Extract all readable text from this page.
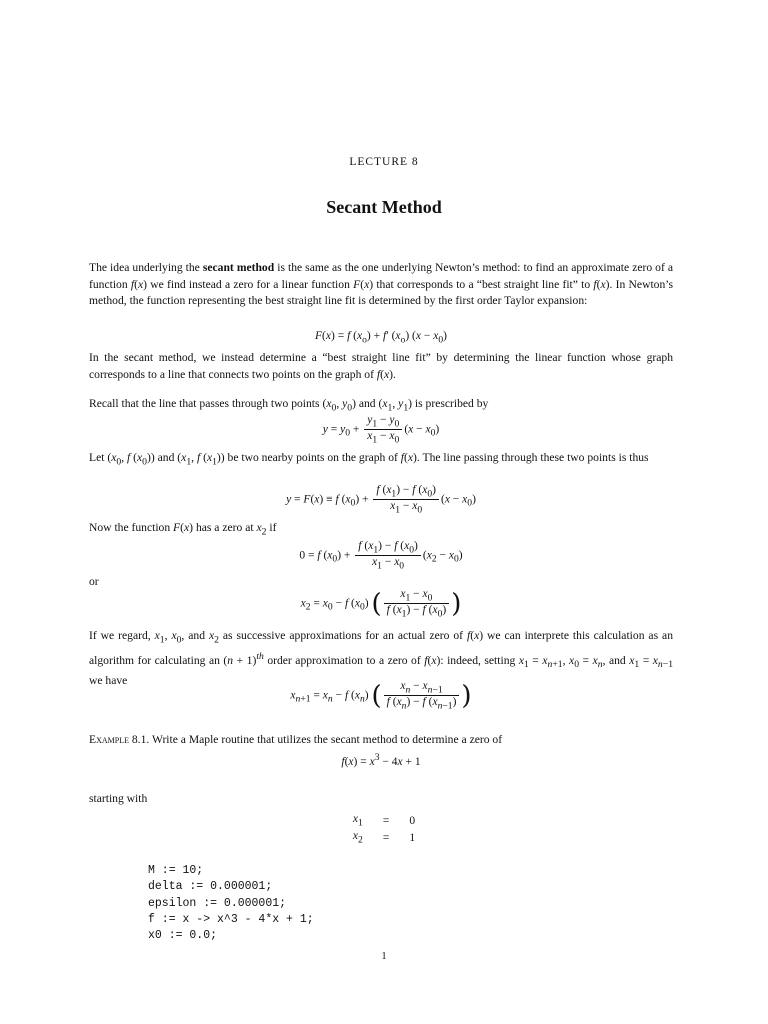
LECTURE 8
Secant Method
The idea underlying the secant method is the same as the one underlying Newton’s method: to find an approximate zero of a function f(x) we find instead a zero for a linear function F(x) that corresponds to a “best straight line fit” to f(x). In Newton’s method, the function representing the best straight line fit is determined by the first order Taylor expansion:
F(x) = f $(x_o) + f'$ $(x_o) (x - x_0)$
In the secant method, we instead determine a “best straight line fit” by determining the linear function whose graph corresponds to a line that connects two points on the graph of f(x).
Recall that the line that passes through two points ($x_0$, $y_0$) and ($x_1$, $y_1$) is prescribed by
$y = y_0 + \frac{y_1 - y_0}{x_1 - x_0} (x - x_0)$
Let ($x_0$, f $(x_0)$) and ($x_1$, f $(x_1)$) be two nearby points on the graph of f(x). The line passing through these two points is thus
y = F(x) ≡ f $(x_0) + \frac{f (x_1) - f (x_0)}{x_1 - x_0} (x - x_0)$
Now the function F(x) has a zero at $x_2$ if
0 = f $(x_0) + \frac{f (x_1) - f (x_0)}{x_1 - x_0} (x_2 - x_0)$
or
$x_2 = x_0 - f$ $(x_0)$ ( $\frac{x_1 - x_0}{f (x_1) - f (x_0)}$ )
If we regard, $x_1$, $x_0$, and $x_2$ as successive approximations for an actual zero of f(x) we can interprete this calculation as an algorithm for calculating an $(n + 1)^{th}$ order approximation to a zero of f(x): indeed, setting $x_1 = x_{n+1}$, $x_0 = x_n$, and $x_1 = x_{n-1}$ we have
$x_{n+1} = x_n - f$ $(x_n)$ ( $\frac{x_n - x_{n-1}}{f (x_n) - f (x_{n-1})}$ )
Example 8.1. Write a Maple routine that utilizes the secant method to determine a zero of
$f(x) = x^3 - 4x + 1$
starting with
$x_1$	=	0
$x_2$	=	1
M := 10;
delta := 0.000001;
epsilon := 0.000001;
f := x -> x^3 - 4*x + 1;
x0 := 0.0;
1
